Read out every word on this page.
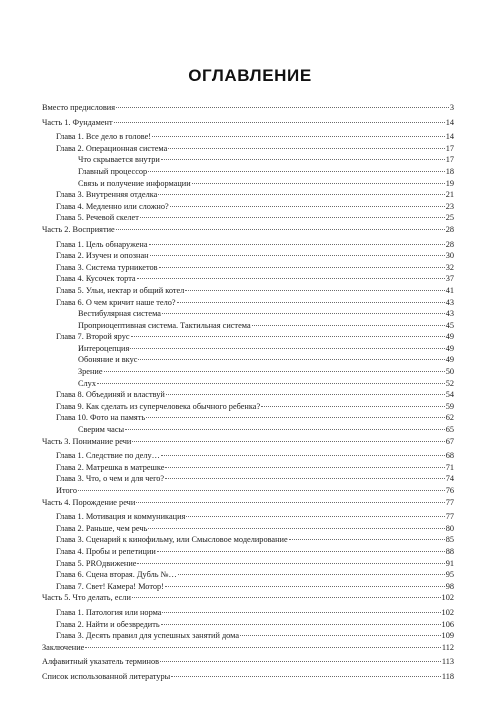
ОГЛАВЛЕНИЕ
Вместо предисловия	3
Часть 1. Фундамент	14
Глава 1. Все дело в голове!	14
Глава 2. Операционная система	17
Что скрывается внутри	17
Главный процессор	18
Связь и получение информации	19
Глава 3. Внутренняя отделка	21
Глава 4. Медленно или сложно?	23
Глава 5. Речевой скелет	25
Часть 2. Восприятие	28
Глава 1. Цель обнаружена	28
Глава 2. Изучен и опознан	30
Глава 3. Система турникетов	32
Глава 4. Кусочек торта	37
Глава 5. Ульи, нектар и общий котел	41
Глава 6. О чем кричит наше тело?	43
Вестибулярная система	43
Проприоцептивная система. Тактильная система	45
Глава 7. Второй ярус	49
Интероцепция	49
Обоняние и вкус	49
Зрение	50
Слух	52
Глава 8. Объединяй и властвуй	54
Глава 9. Как сделать из суперчеловека обычного ребенка?	59
Глава 10. Фото на память	62
Сверим часы	65
Часть 3. Понимание речи	67
Глава 1. Следствие по делу…	68
Глава 2. Матрешка в матрешке	71
Глава 3. Что, о чем и для чего?	74
Итого	76
Часть 4. Порождение речи	77
Глава 1. Мотивация и коммуникация	77
Глава 2. Раньше, чем речь	80
Глава 3. Сценарий к кинофильму, или Смысловое моделирование	85
Глава 4. Пробы и репетиции	88
Глава 5. PROдвижение	91
Глава 6. Сцена вторая. Дубль №…	95
Глава 7. Свет! Камера! Мотор!	98
Часть 5. Что делать, если	102
Глава 1. Патология или норма	102
Глава 2. Найти и обезвредить	106
Глава 3. Десять правил для успешных занятий дома	109
Заключение	112
Алфавитный указатель терминов	113
Список использованной литературы	118
